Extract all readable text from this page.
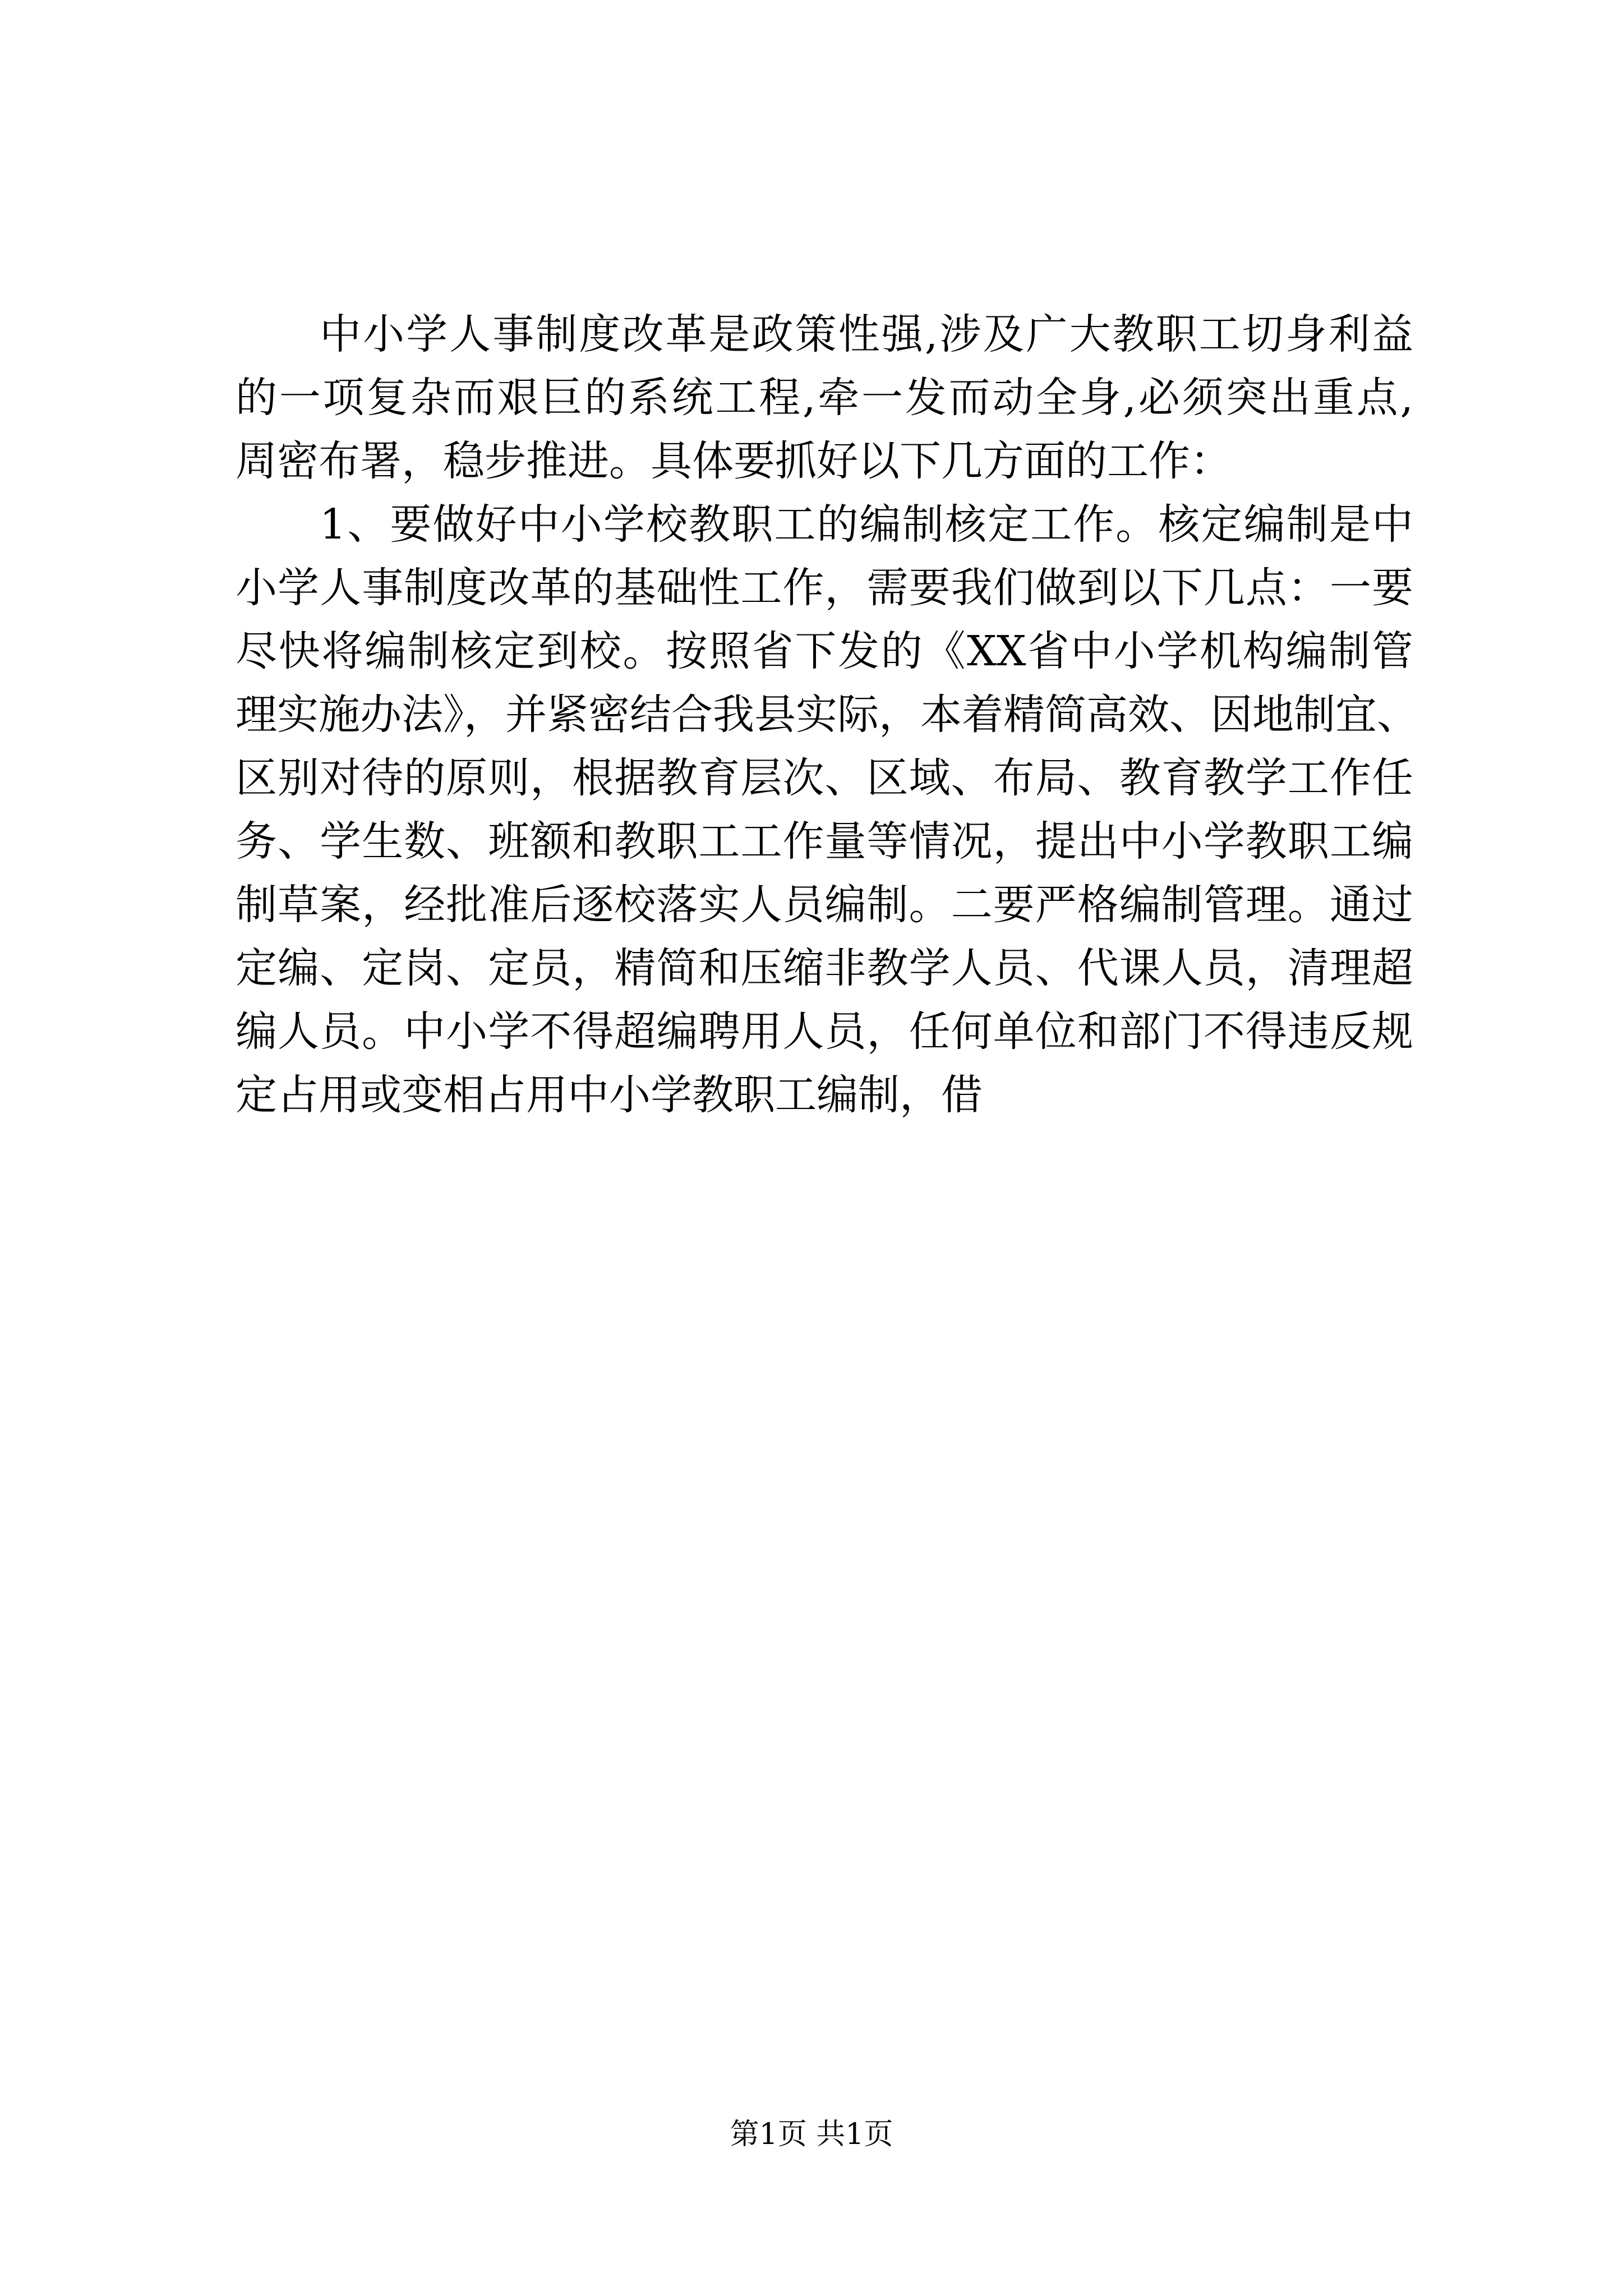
中小学人事制度改革是政策性强,涉及广大教职工切身利益
的一项复杂而艰巨的系统工程,牵一发而动全身,必须突出重点,
周密布署，稳步推进。具体要抓好以下几方面的工作：
1、要做好中小学校教职工的编制核定工作。核定编制是中
小学人事制度改革的基础性工作，需要我们做到以下几点：一要
尽快将编制核定到校。按照省下发的《XX省中小学机构编制管
理实施办法》，并紧密结合我县实际，本着精简高效、因地制宜、
区别对待的原则，根据教育层次、区域、布局、教育教学工作任
务、学生数、班额和教职工工作量等情况，提出中小学教职工编
制草案，经批准后逐校落实人员编制。二要严格编制管理。通过
定编、定岗、定员，精简和压缩非教学人员、代课人员，清理超
编人员。中小学不得超编聘用人员，任何单位和部门不得违反规
定占用或变相占用中小学教职工编制，借
第1页 共1页
